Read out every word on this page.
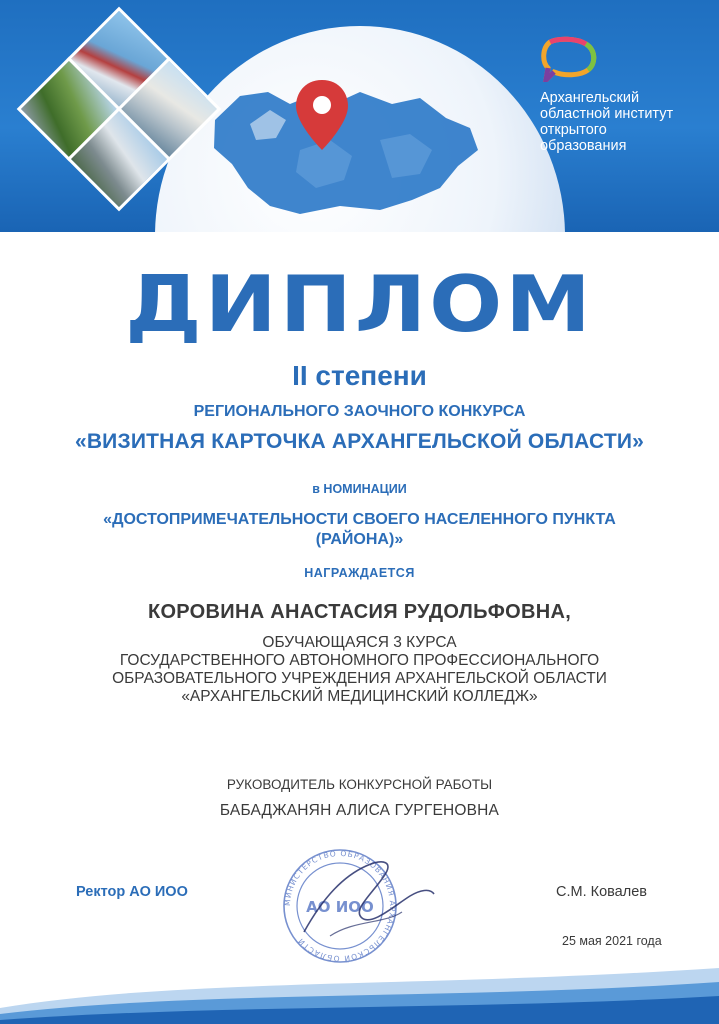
Архангельский
областной институт
открытого
образования
ДИПЛОМ
II степени
РЕГИОНАЛЬНОГО ЗАОЧНОГО КОНКУРСА
«ВИЗИТНАЯ КАРТОЧКА АРХАНГЕЛЬСКОЙ ОБЛАСТИ»
в НОМИНАЦИИ
«ДОСТОПРИМЕЧАТЕЛЬНОСТИ СВОЕГО НАСЕЛЕННОГО ПУНКТА
(РАЙОНА)»
НАГРАЖДАЕТСЯ
КОРОВИНА АНАСТАСИЯ РУДОЛЬФОВНА,
ОБУЧАЮЩАЯСЯ 3 КУРСА
ГОСУДАРСТВЕННОГО АВТОНОМНОГО ПРОФЕССИОНАЛЬНОГО
ОБРАЗОВАТЕЛЬНОГО УЧРЕЖДЕНИЯ АРХАНГЕЛЬСКОЙ ОБЛАСТИ
«АРХАНГЕЛЬСКИЙ МЕДИЦИНСКИЙ КОЛЛЕДЖ»
РУКОВОДИТЕЛЬ КОНКУРСНОЙ РАБОТЫ
БАБАДЖАНЯН АЛИСА ГУРГЕНОВНА
МИНИСТЕРСТВО ОБРАЗОВАНИЯ АРХАНГЕЛЬСКОЙ ОБЛАСТИ
АО ИОО
Ректор АО ИОО	С.М. Ковалев
25 мая 2021 года
